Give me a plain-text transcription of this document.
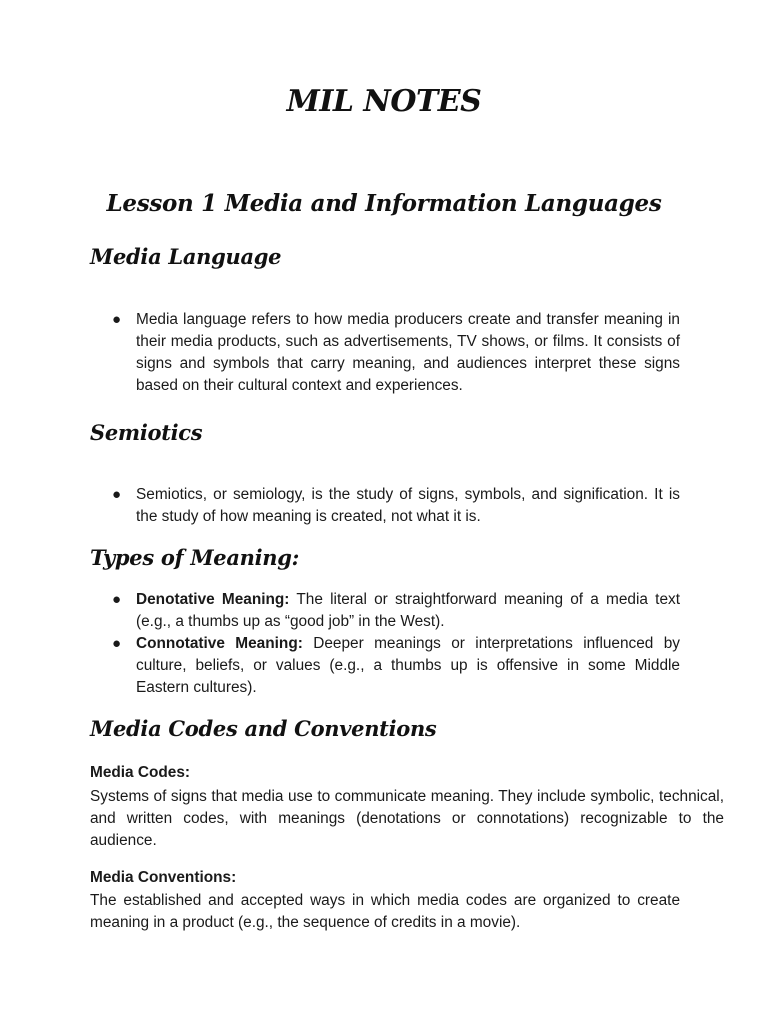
MIL NOTES
Lesson 1 Media and Information Languages
Media Language
● Media language refers to how media producers create and transfer meaning in their media products, such as advertisements, TV shows, or films. It consists of signs and symbols that carry meaning, and audiences interpret these signs based on their cultural context and experiences.
Semiotics
● Semiotics, or semiology, is the study of signs, symbols, and signification. It is the study of how meaning is created, not what it is.
Types of Meaning:
● Denotative Meaning: The literal or straightforward meaning of a media text (e.g., a thumbs up as “good job” in the West).
● Connotative Meaning: Deeper meanings or interpretations influenced by culture, beliefs, or values (e.g., a thumbs up is offensive in some Middle Eastern cultures).
Media Codes and Conventions
Media Codes:

Systems of signs that media use to communicate meaning. They include symbolic, technical, and written codes, with meanings (denotations or connotations) recognizable to the audience.

Media Conventions:

The established and accepted ways in which media codes are organized to create meaning in a product (e.g., the sequence of credits in a movie).
